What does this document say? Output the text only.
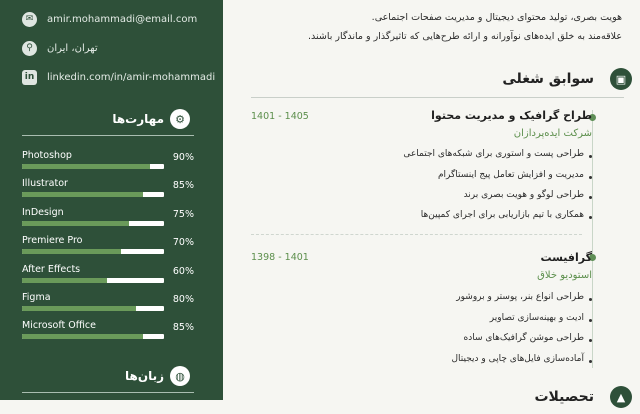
✉	amir.mohammadi@email.com
⚲	تهران، ایران
in linkedin.com/in/amir-mohammadi
مهارت‌ها	⚙
Photoshop	90%
Illustrator	85%
InDesign	75%
Premiere Pro	70%
After Effects	60%
Figma	80%
Microsoft Office	85%
زبان‌ها	◍
هویت بصری، تولید محتوای دیجیتال و مدیریت صفحات اجتماعی.
علاقه‌مند به خلق ایده‌های نوآورانه و ارائه طرح‌هایی که تاثیرگذار و ماندگار باشند.
سوابق شغلی	▣
طراح گرافیک و مدیریت محتوا
1401 - 1405
شرکت ایده‌پردازان
طراحی پست و استوری برای شبکه‌های اجتماعی
مدیریت و افزایش تعامل پیج اینستاگرام
طراحی لوگو و هویت بصری برند
همکاری با تیم بازاریابی برای اجرای کمپین‌ها
گرافیست
1398 - 1401
استودیو خلاق
طراحی انواع بنر، پوستر و بروشور
ادیت و بهینه‌سازی تصاویر
طراحی موشن گرافیک‌های ساده
آماده‌سازی فایل‌های چاپی و دیجیتال
تحصیلات	▲
